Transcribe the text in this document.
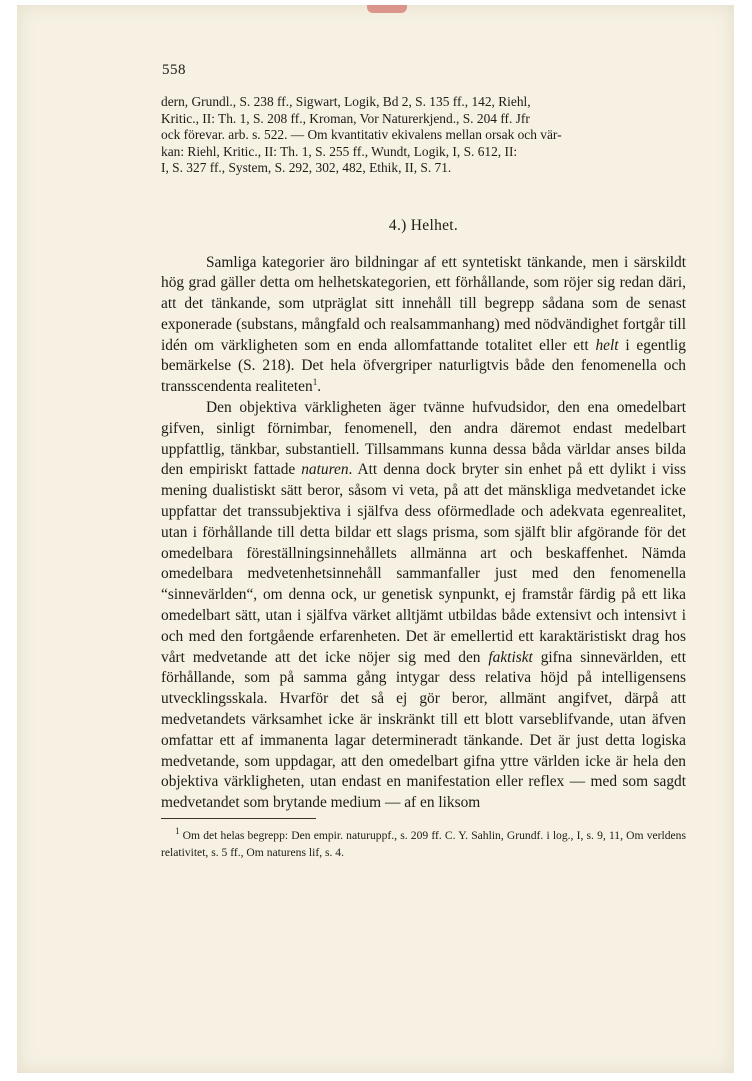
558

dern, Grundl., S. 238 ff., Sigwart, Logik, Bd 2, S. 135 ff., 142, Riehl,

Kritic., II: Th. 1, S. 208 ff., Kroman, Vor Naturerkjend., S. 204 ff. Jfr

ock förevar. arb. s. 522. — Om kvantitativ ekivalens mellan orsak och vär-

kan: Riehl, Kritic., II: Th. 1, S. 255 ff., Wundt, Logik, I, S. 612, II:

I, S. 327 ff., System, S. 292, 302, 482, Ethik, II, S. 71.

4.) Helhet.

Samliga kategorier äro bildningar af ett syntetiskt tänkande, men i särskildt hög grad gäller detta om helhetskategorien, ett förhållande, som röjer sig redan däri, att det tänkande, som utpräglat sitt innehåll till begrepp sådana som de senast exponerade (substans, mångfald och realsammanhang) med nödvändighet fortgår till idén om värkligheten som en enda allomfattande totalitet eller ett helt i egentlig bemärkelse (S. 218). Det hela öfvergriper naturligtvis både den fenomenella och transscendenta realiteten$^1$.

Den objektiva värkligheten äger tvänne hufvudsidor, den ena omedelbart gifven, sinligt förnimbar, fenomenell, den andra däremot endast medelbart uppfattlig, tänkbar, substantiell. Tillsammans kunna dessa båda världar anses bilda den empiriskt fattade naturen. Att denna dock bryter sin enhet på ett dylikt i viss mening dualistiskt sätt beror, såsom vi veta, på att det mänskliga medvetandet icke uppfattar det transsubjektiva i själfva dess oförmedlade och adekvata egenrealitet, utan i förhållande till detta bildar ett slags prisma, som själft blir afgörande för det omedelbara föreställningsinnehållets allmänna art och beskaffenhet. Nämda omedelbara medvetenhetsinnehåll sammanfaller just med den fenomenella “sinnevärlden“, om denna ock, ur genetisk synpunkt, ej framstår färdig på ett lika omedelbart sätt, utan i själfva värket alltjämt utbildas både extensivt och intensivt i och med den fortgående erfarenheten. Det är emellertid ett karaktäristiskt drag hos vårt medvetande att det icke nöjer sig med den faktiskt gifna sinnevärlden, ett förhållande, som på samma gång intygar dess relativa höjd på intelligensens utvecklingsskala. Hvarför det så ej gör beror, allmänt angifvet, därpå att medvetandets värksamhet icke är inskränkt till ett blott varseblifvande, utan äfven omfattar ett af immanenta lagar determineradt tänkande. Det är just detta logiska medvetande, som uppdagar, att den omedelbart gifna yttre världen icke är hela den objektiva värkligheten, utan endast en manifestation eller reflex — med som sagdt medvetandet som brytande medium — af en liksom

$^1$ Om det helas begrepp: Den empir. naturuppf., s. 209 ff. C. Y. Sahlin, Grundf. i log., I, s. 9, 11, Om verldens relativitet, s. 5 ff., Om naturens lif, s. 4.
